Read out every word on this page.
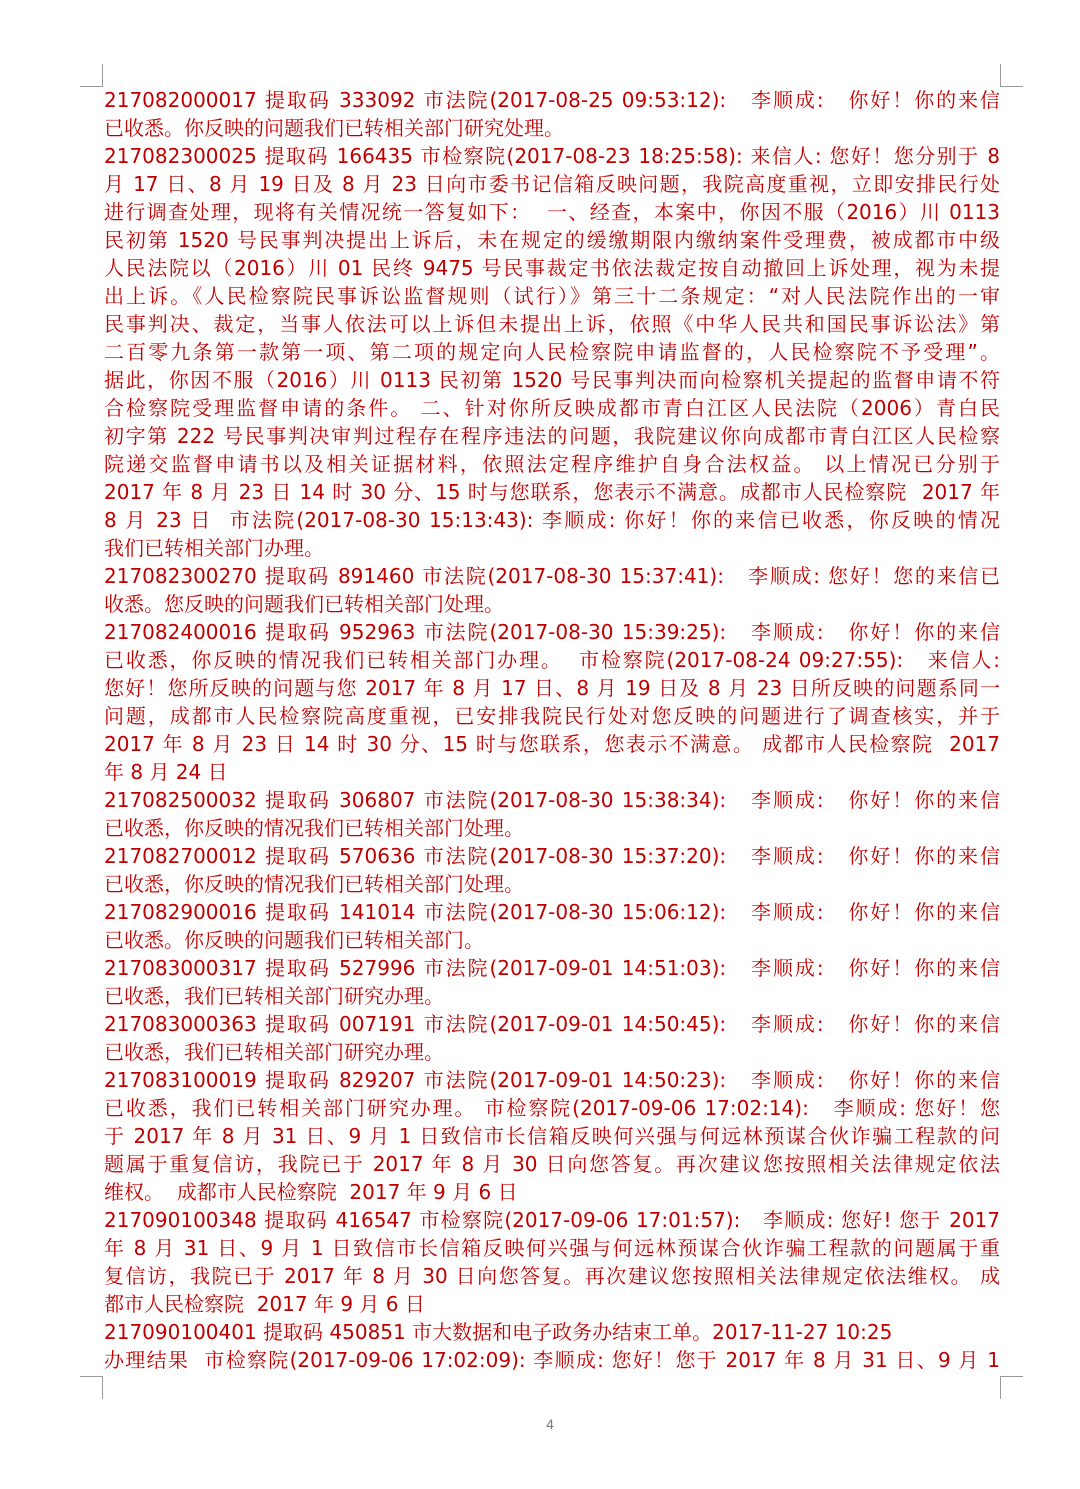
217082000017 提取码 333092 市法院(2017-08-25 09:53:12):   李顺成:   你好！你的来信
已收悉。你反映的问题我们已转相关部门研究处理。
217082300025 提取码 166435 市检察院(2017-08-23 18:25:58): 来信人: 您好！您分别于 8
月 17 日、8 月 19 日及 8 月 23 日向市委书记信箱反映问题，我院高度重视，立即安排民行处
进行调查处理，现将有关情况统一答复如下：  一、经查，本案中，你因不服（2016）川 0113
民初第 1520 号民事判决提出上诉后，未在规定的缓缴期限内缴纳案件受理费，被成都市中级
人民法院以（2016）川 01 民终 9475 号民事裁定书依法裁定按自动撤回上诉处理，视为未提
出上诉。《人民检察院民事诉讼监督规则（试行）》第三十二条规定：“对人民法院作出的一审
民事判决、裁定，当事人依法可以上诉但未提出上诉，依照《中华人民共和国民事诉讼法》第
二百零九条第一款第一项、第二项的规定向人民检察院申请监督的，人民检察院不予受理”。
据此，你因不服（2016）川 0113 民初第 1520 号民事判决而向检察机关提起的监督申请不符
合检察院受理监督申请的条件。 二、针对你所反映成都市青白江区人民法院（2006）青白民
初字第 222 号民事判决审判过程存在程序违法的问题，我院建议你向成都市青白江区人民检察
院递交监督申请书以及相关证据材料，依照法定程序维护自身合法权益。 以上情况已分别于
2017 年 8 月 23 日 14 时 30 分、15 时与您联系，您表示不满意。成都市人民检察院  2017 年
8 月 23 日  市法院(2017-08-30 15:13:43): 李顺成: 你好！你的来信已收悉，你反映的情况
我们已转相关部门办理。
217082300270 提取码 891460 市法院(2017-08-30 15:37:41):   李顺成: 您好！您的来信已
收悉。您反映的问题我们已转相关部门处理。
217082400016 提取码 952963 市法院(2017-08-30 15:39:25):   李顺成:   你好！你的来信
已收悉，你反映的情况我们已转相关部门办理。  市检察院(2017-08-24 09:27:55):   来信人:
您好！您所反映的问题与您 2017 年 8 月 17 日、8 月 19 日及 8 月 23 日所反映的问题系同一
问题，成都市人民检察院高度重视，已安排我院民行处对您反映的问题进行了调查核实，并于
2017 年 8 月 23 日 14 时 30 分、15 时与您联系，您表示不满意。 成都市人民检察院  2017
年 8 月 24 日
217082500032 提取码 306807 市法院(2017-08-30 15:38:34):   李顺成:   你好！你的来信
已收悉，你反映的情况我们已转相关部门处理。
217082700012 提取码 570636 市法院(2017-08-30 15:37:20):   李顺成:   你好！你的来信
已收悉，你反映的情况我们已转相关部门处理。
217082900016 提取码 141014 市法院(2017-08-30 15:06:12):   李顺成:   你好！你的来信
已收悉。你反映的问题我们已转相关部门。
217083000317 提取码 527996 市法院(2017-09-01 14:51:03):   李顺成:   你好！你的来信
已收悉，我们已转相关部门研究办理。
217083000363 提取码 007191 市法院(2017-09-01 14:50:45):   李顺成:   你好！你的来信
已收悉，我们已转相关部门研究办理。
217083100019 提取码 829207 市法院(2017-09-01 14:50:23):   李顺成:   你好！你的来信
已收悉，我们已转相关部门研究办理。 市检察院(2017-09-06 17:02:14):   李顺成: 您好！您
于 2017 年 8 月 31 日、9 月 1 日致信市长信箱反映何兴强与何远林预谋合伙诈骗工程款的问
题属于重复信访，我院已于 2017 年 8 月 30 日向您答复。再次建议您按照相关法律规定依法
维权。  成都市人民检察院  2017 年 9 月 6 日
217090100348 提取码 416547 市检察院(2017-09-06 17:01:57):   李顺成: 您好! 您于 2017
年 8 月 31 日、9 月 1 日致信市长信箱反映何兴强与何远林预谋合伙诈骗工程款的问题属于重
复信访，我院已于 2017 年 8 月 30 日向您答复。再次建议您按照相关法律规定依法维权。 成
都市人民检察院  2017 年 9 月 6 日
217090100401 提取码 450851 市大数据和电子政务办结束工单。2017-11-27 10:25
办理结果  市检察院(2017-09-06 17:02:09): 李顺成: 您好！您于 2017 年 8 月 31 日、9 月 1
4
